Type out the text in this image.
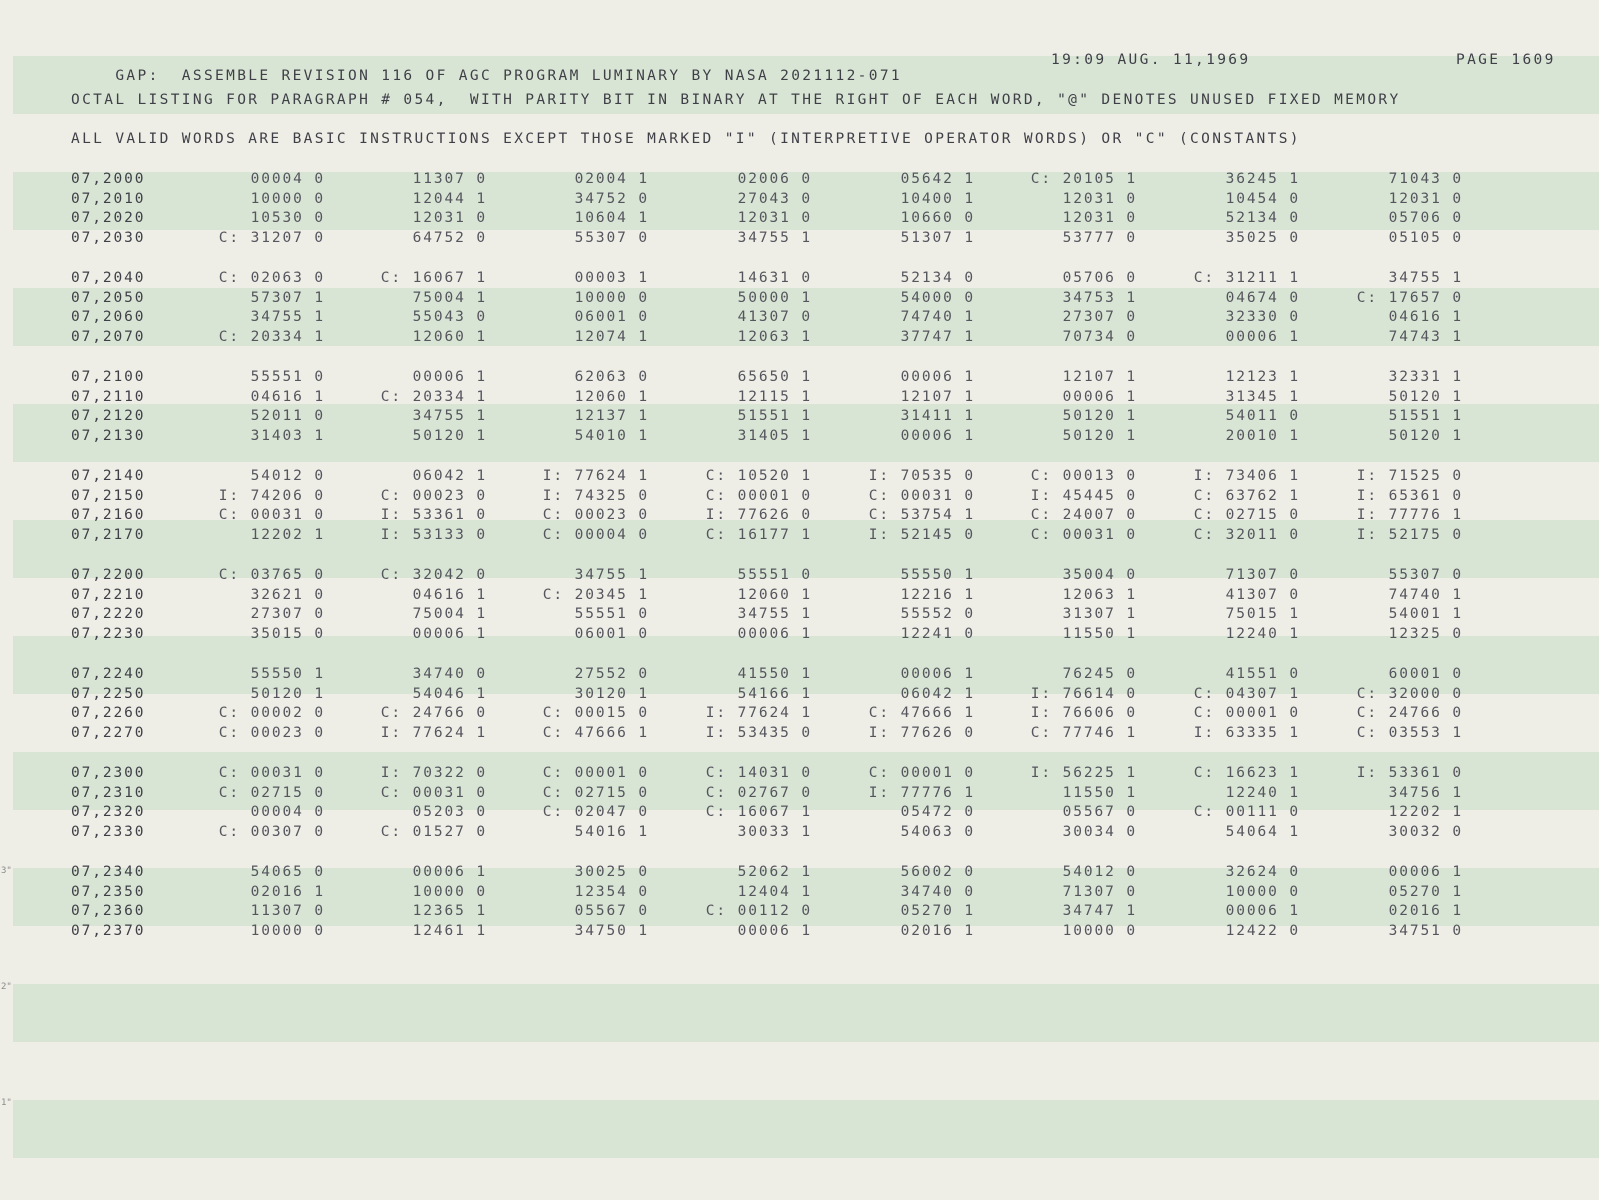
3"
2"
1"

GAP:  ASSEMBLE REVISION 116 OF AGC PROGRAM LUMINARY BY NASA 2021112-071

19:09 AUG. 11,1969

	PAGE 1609

OCTAL LISTING FOR PARAGRAPH # 054,  WITH PARITY BIT IN BINARY AT THE RIGHT OF EACH WORD, "@" DENOTES UNUSED FIXED MEMORY
ALL VALID WORDS ARE BASIC INSTRUCTIONS EXCEPT THOSE MARKED "I" (INTERPRETIVE OPERATOR WORDS) OR "C" (CONSTANTS)
07,2000	00004 0	11307 0	02004 1	02006 0	05642 1	C: 20105 1	36245 1	71043 0
07,2010	10000 0	12044 1	34752 0	27043 0	10400 1	12031 0	10454 0	12031 0
07,2020	10530 0	12031 0	10604 1	12031 0	10660 0	12031 0	52134 0	05706 0
07,2030	C: 31207 0	64752 0	55307 0	34755 1	51307 1	53777 0	35025 0	05105 0
07,2040	C: 02063 0	C: 16067 1	00003 1	14631 0	52134 0	05706 0	C: 31211 1	34755 1
07,2050	57307 1	75004 1	10000 0	50000 1	54000 0	34753 1	04674 0	C: 17657 0
07,2060	34755 1	55043 0	06001 0	41307 0	74740 1	27307 0	32330 0	04616 1
07,2070	C: 20334 1	12060 1	12074 1	12063 1	37747 1	70734 0	00006 1	74743 1
07,2100	55551 0	00006 1	62063 0	65650 1	00006 1	12107 1	12123 1	32331 1
07,2110	04616 1	C: 20334 1	12060 1	12115 1	12107 1	00006 1	31345 1	50120 1
07,2120	52011 0	34755 1	12137 1	51551 1	31411 1	50120 1	54011 0	51551 1
07,2130	31403 1	50120 1	54010 1	31405 1	00006 1	50120 1	20010 1	50120 1
07,2140	54012 0	06042 1	I: 77624 1	C: 10520 1	I: 70535 0	C: 00013 0	I: 73406 1	I: 71525 0
07,2150	I: 74206 0	C: 00023 0	I: 74325 0	C: 00001 0	C: 00031 0	I: 45445 0	C: 63762 1	I: 65361 0
07,2160	C: 00031 0	I: 53361 0	C: 00023 0	I: 77626 0	C: 53754 1	C: 24007 0	C: 02715 0	I: 77776 1
07,2170	12202 1	I: 53133 0	C: 00004 0	C: 16177 1	I: 52145 0	C: 00031 0	C: 32011 0	I: 52175 0
07,2200	C: 03765 0	C: 32042 0	34755 1	55551 0	55550 1	35004 0	71307 0	55307 0
07,2210	32621 0	04616 1	C: 20345 1	12060 1	12216 1	12063 1	41307 0	74740 1
07,2220	27307 0	75004 1	55551 0	34755 1	55552 0	31307 1	75015 1	54001 1
07,2230	35015 0	00006 1	06001 0	00006 1	12241 0	11550 1	12240 1	12325 0
07,2240	55550 1	34740 0	27552 0	41550 1	00006 1	76245 0	41551 0	60001 0
07,2250	50120 1	54046 1	30120 1	54166 1	06042 1	I: 76614 0	C: 04307 1	C: 32000 0
07,2260	C: 00002 0	C: 24766 0	C: 00015 0	I: 77624 1	C: 47666 1	I: 76606 0	C: 00001 0	C: 24766 0
07,2270	C: 00023 0	I: 77624 1	C: 47666 1	I: 53435 0	I: 77626 0	C: 77746 1	I: 63335 1	C: 03553 1
07,2300	C: 00031 0	I: 70322 0	C: 00001 0	C: 14031 0	C: 00001 0	I: 56225 1	C: 16623 1	I: 53361 0
07,2310	C: 02715 0	C: 00031 0	C: 02715 0	C: 02767 0	I: 77776 1	11550 1	12240 1	34756 1
07,2320	00004 0	05203 0	C: 02047 0	C: 16067 1	05472 0	05567 0	C: 00111 0	12202 1
07,2330	C: 00307 0	C: 01527 0	54016 1	30033 1	54063 0	30034 0	54064 1	30032 0
07,2340	54065 0	00006 1	30025 0	52062 1	56002 0	54012 0	32624 0	00006 1
07,2350	02016 1	10000 0	12354 0	12404 1	34740 0	71307 0	10000 0	05270 1
07,2360	11307 0	12365 1	05567 0	C: 00112 0	05270 1	34747 1	00006 1	02016 1
07,2370	10000 0	12461 1	34750 1	00006 1	02016 1	10000 0	12422 0	34751 0
